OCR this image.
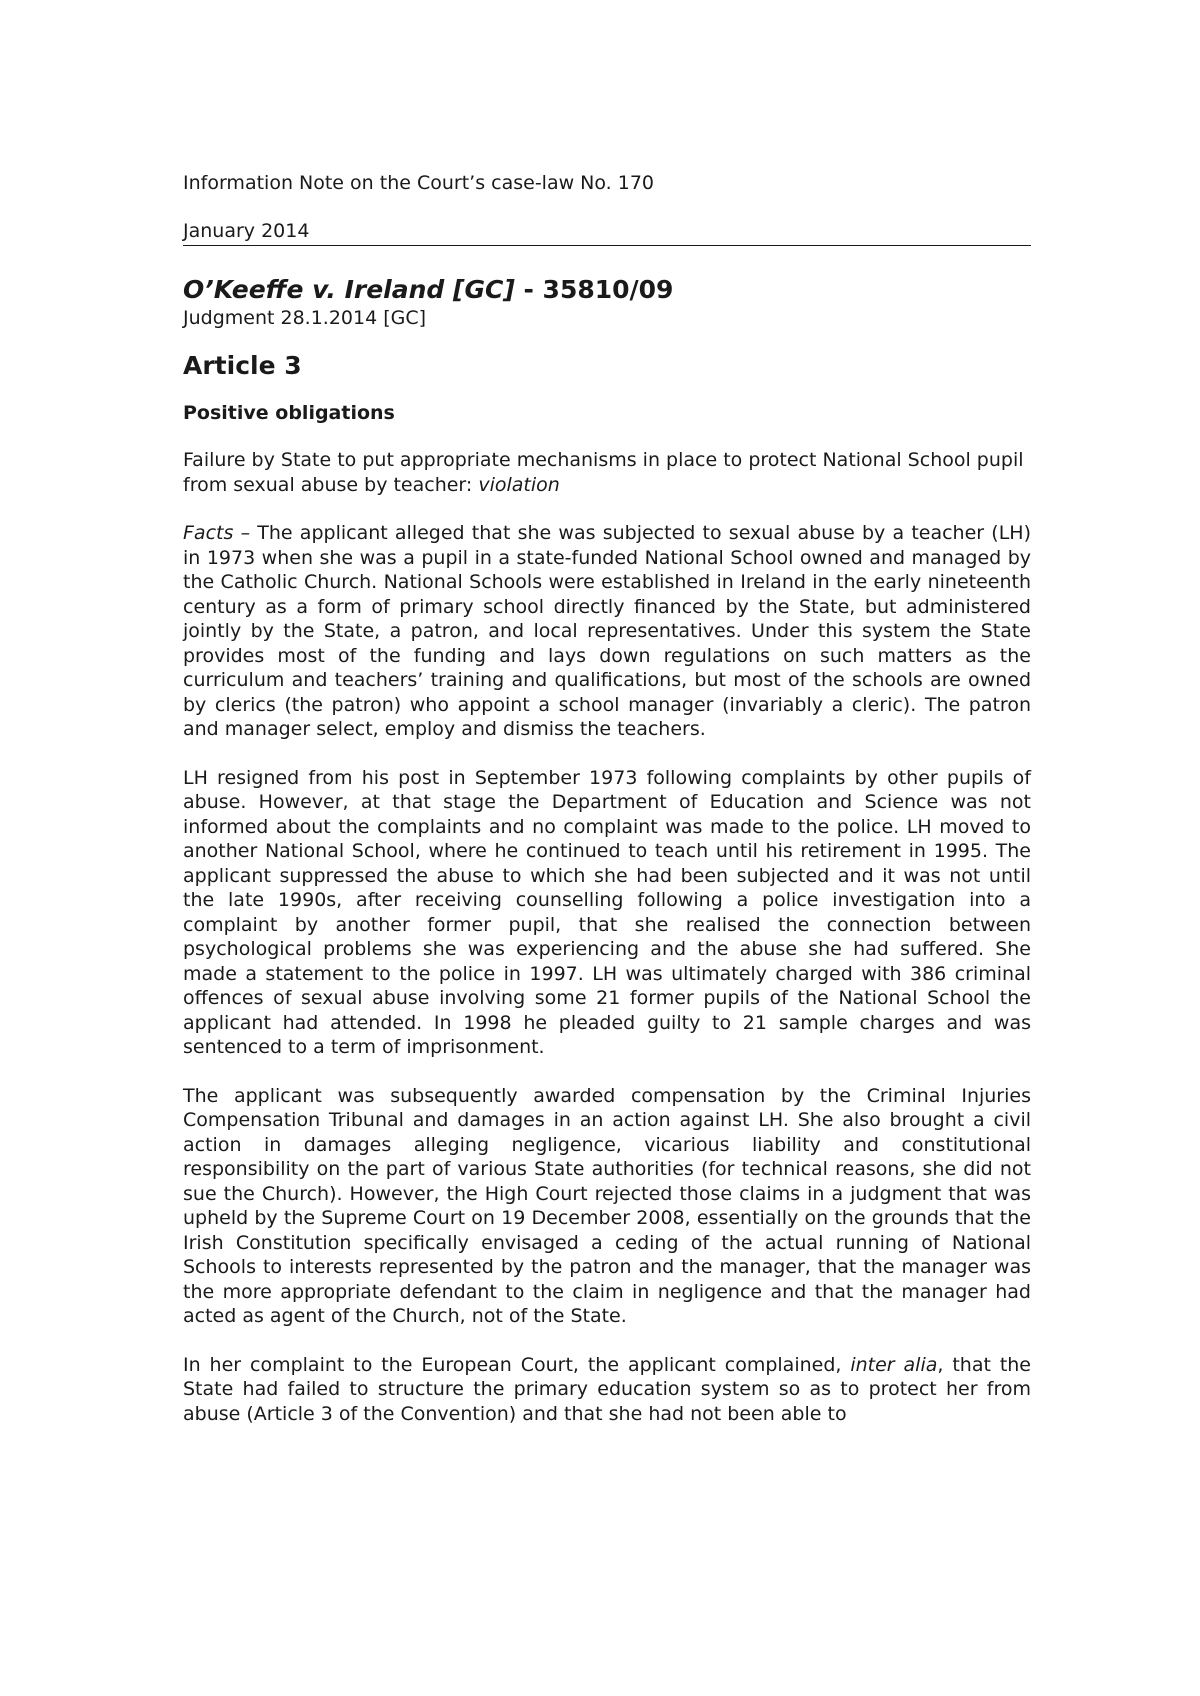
Information Note on the Court’s case-law No. 170

January 2014

O’Keeffe v. Ireland [GC] - 35810/09

Judgment 28.1.2014 [GC]

Article 3

Positive obligations

Failure by State to put appropriate mechanisms in place to protect National School pupil from sexual abuse by teacher: violation

Facts – The applicant alleged that she was subjected to sexual abuse by a teacher (LH) in 1973 when she was a pupil in a state-funded National School owned and managed by the Catholic Church. National Schools were established in Ireland in the early nineteenth century as a form of primary school directly financed by the State, but administered jointly by the State, a patron, and local representatives. Under this system the State provides most of the funding and lays down regulations on such matters as the curriculum and teachers’ training and qualifications, but most of the schools are owned by clerics (the patron) who appoint a school manager (invariably a cleric). The patron and manager select, employ and dismiss the teachers.

LH resigned from his post in September 1973 following complaints by other pupils of abuse. However, at that stage the Department of Education and Science was not informed about the complaints and no complaint was made to the police. LH moved to another National School, where he continued to teach until his retirement in 1995. The applicant suppressed the abuse to which she had been subjected and it was not until the late 1990s, after receiving counselling following a police investigation into a complaint by another former pupil, that she realised the connection between psychological problems she was experiencing and the abuse she had suffered. She made a statement to the police in 1997. LH was ultimately charged with 386 criminal offences of sexual abuse involving some 21 former pupils of the National School the applicant had attended. In 1998 he pleaded guilty to 21 sample charges and was sentenced to a term of imprisonment.

The applicant was subsequently awarded compensation by the Criminal Injuries Compensation Tribunal and damages in an action against LH. She also brought a civil action in damages alleging negligence, vicarious liability and constitutional responsibility on the part of various State authorities (for technical reasons, she did not sue the Church). However, the High Court rejected those claims in a judgment that was upheld by the Supreme Court on 19 December 2008, essentially on the grounds that the Irish Constitution specifically envisaged a ceding of the actual running of National Schools to interests represented by the patron and the manager, that the manager was the more appropriate defendant to the claim in negligence and that the manager had acted as agent of the Church, not of the State.

In her complaint to the European Court, the applicant complained, inter alia, that the State had failed to structure the primary education system so as to protect her from abuse (Article 3 of the Convention) and that she had not been able to
